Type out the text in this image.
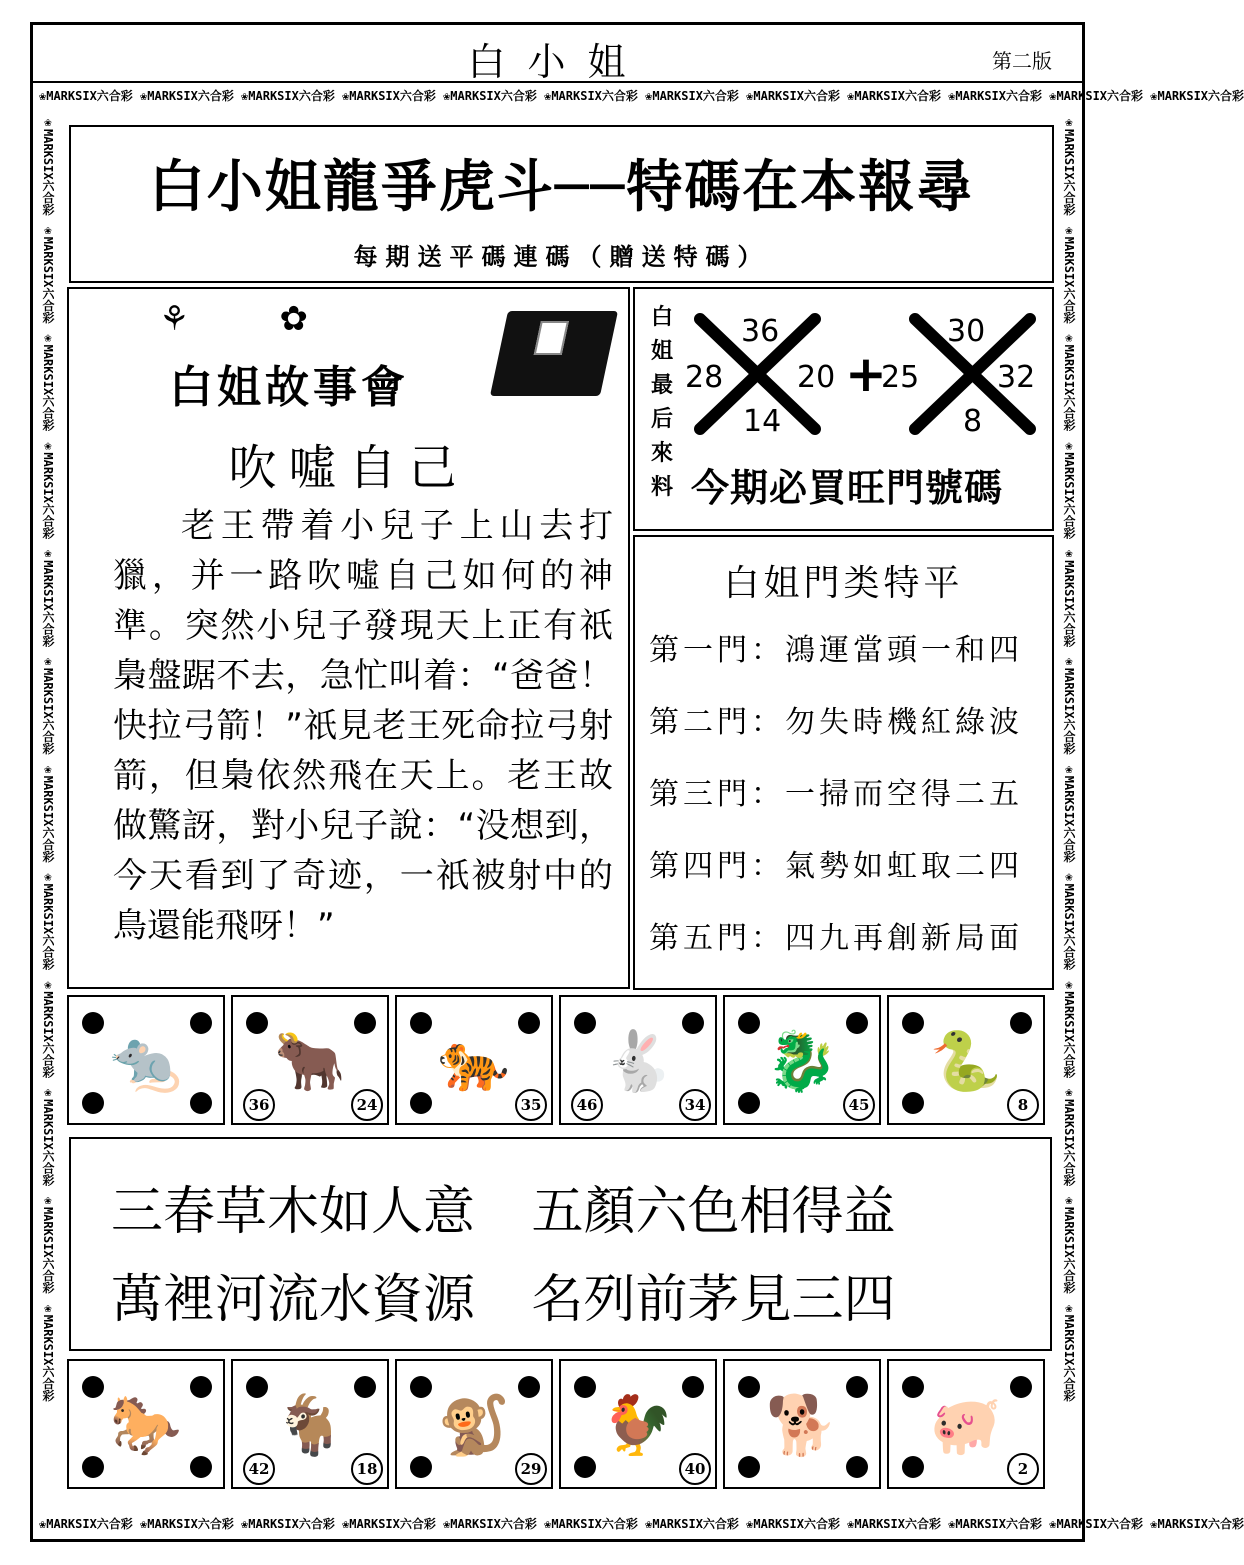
白小姐	第二版
❀MARKSIX六合彩 ❀MARKSIX六合彩 ❀MARKSIX六合彩 ❀MARKSIX六合彩 ❀MARKSIX六合彩 ❀MARKSIX六合彩 ❀MARKSIX六合彩 ❀MARKSIX六合彩 ❀MARKSIX六合彩 ❀MARKSIX六合彩 ❀MARKSIX六合彩 ❀MARKSIX六合彩
❀MARKSIX六合彩 ❀MARKSIX六合彩 ❀MARKSIX六合彩 ❀MARKSIX六合彩 ❀MARKSIX六合彩 ❀MARKSIX六合彩 ❀MARKSIX六合彩 ❀MARKSIX六合彩 ❀MARKSIX六合彩 ❀MARKSIX六合彩 ❀MARKSIX六合彩 ❀MARKSIX六合彩
❀MARKSIX六合彩 ❀MARKSIX六合彩 ❀MARKSIX六合彩 ❀MARKSIX六合彩 ❀MARKSIX六合彩 ❀MARKSIX六合彩 ❀MARKSIX六合彩 ❀MARKSIX六合彩 ❀MARKSIX六合彩 ❀MARKSIX六合彩 ❀MARKSIX六合彩 ❀MARKSIX六合彩	❀MARKSIX六合彩 ❀MARKSIX六合彩 ❀MARKSIX六合彩 ❀MARKSIX六合彩 ❀MARKSIX六合彩 ❀MARKSIX六合彩 ❀MARKSIX六合彩 ❀MARKSIX六合彩 ❀MARKSIX六合彩 ❀MARKSIX六合彩 ❀MARKSIX六合彩 ❀MARKSIX六合彩
白小姐龍爭虎斗──特碼在本報尋
每期送平碼連碼（贈送特碼）
⚘✿
白姐故事會
吹噓自己
老王帶着小兒子上山去打獵，并一路吹噓自己如何的神準。突然小兒子發現天上正有祇梟盤踞不去，急忙叫着：“爸爸！快拉弓箭！”祇見老王死命拉弓射箭，但梟依然飛在天上。老王故做驚訝，對小兒子說：“没想到，今天看到了奇迹，一祇被射中的鳥還能飛呀！”
白姐最后來料
36
28 20
14
+
30
25	32
8
今期必買旺門號碼
白姐門类特平
第一門：鴻運當頭一和四
第二門：勿失時機紅綠波
第三門：一掃而空得二五
第四門：氣勢如虹取二四
第五門：四九再創新局面
🐀	🐂
24
36
🐅
35
🐇
34
46
🐉
45
🐍
8
三春草木如人意 五顏六色相得益
萬裡河流水資源 名列前茅見三四
🐎	🐐
18
42
🐒
29
🐓
40
🐕	🐖
2
